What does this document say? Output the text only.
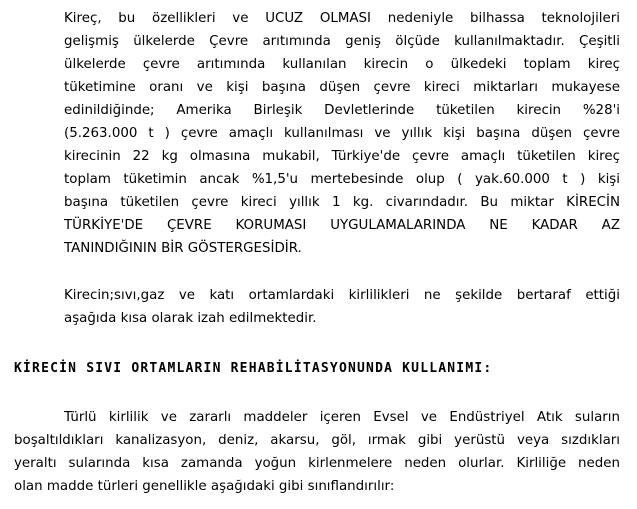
Kireç, bu özellikleri ve UCUZ OLMASI nedeniyle bilhassa teknolojileri
gelişmiş ülkelerde Çevre arıtımında geniş ölçüde kullanılmaktadır. Çeşitli
ülkelerde çevre arıtımında kullanılan kirecin o ülkedeki toplam kireç
tüketimine oranı ve kişi başına düşen çevre kireci miktarları mukayese
edinildiğinde; Amerika Birleşik Devletlerinde tüketilen kirecin %28'i
(5.263.000 t ) çevre amaçlı kullanılması ve yıllık kişi başına düşen çevre
kirecinin 22 kg olmasına mukabil, Türkiye'de çevre amaçlı tüketilen kireç
toplam tüketimin ancak %1,5'u mertebesinde olup ( yak.60.000 t ) kişi
başına tüketilen çevre kireci yıllık 1 kg. civarındadır. Bu miktar KİRECİN
TÜRKİYE'DE ÇEVRE KORUMASI UYGULAMALARINDA NE KADAR AZ
TANINDIĞININ BİR GÖSTERGESİDİR.
Kirecin;sıvı,gaz ve katı ortamlardaki kirlilikleri ne şekilde bertaraf ettiği
aşağıda kısa olarak izah edilmektedir.
KİRECİN SIVI ORTAMLARIN REHABİLİTASYONUNDA KULLANIMI:
Türlü kirlilik ve zararlı maddeler içeren Evsel ve Endüstriyel Atık suların
boşaltıldıkları kanalizasyon, deniz, akarsu, göl, ırmak gibi yerüstü veya sızdıkları
yeraltı sularında kısa zamanda yoğun kirlenmelere neden olurlar. Kirliliğe neden
olan madde türleri genellikle aşağıdaki gibi sınıflandırılır:
